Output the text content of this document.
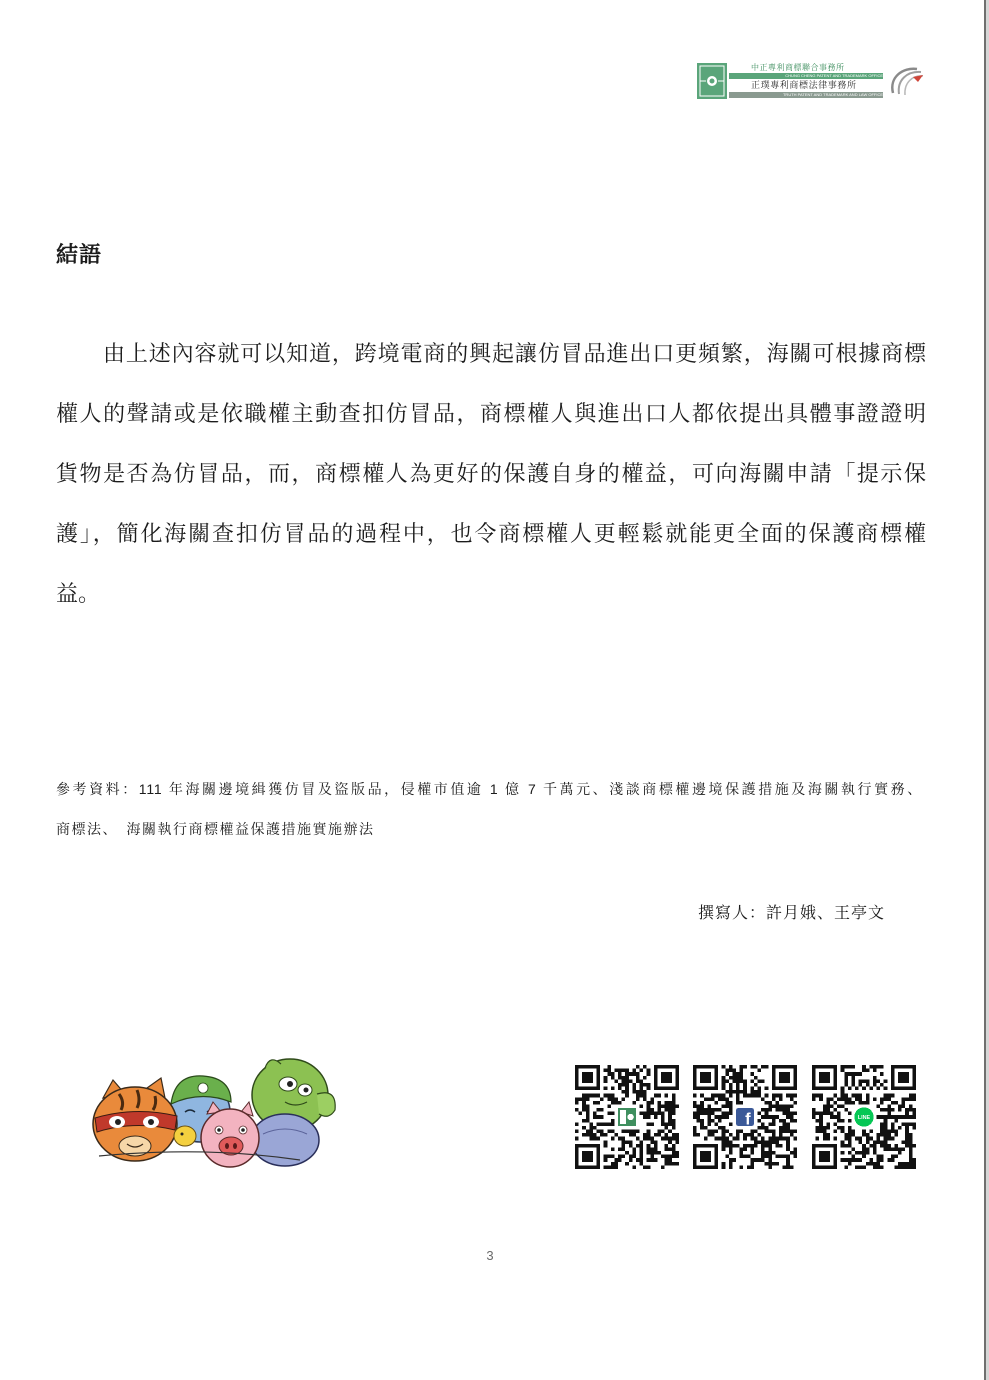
中正專利商標聯合事務所
CHUNG CHENG PATENT AND TRADEMARK OFFICE
正璞專利商標法律事務所
TRUTH PATENT AND TRADEMARK AND LAW OFFICE
結語
由上述內容就可以知道，跨境電商的興起讓仿冒品進出口更頻繁，海關可根據商標
權人的聲請或是依職權主動查扣仿冒品，商標權人與進出口人都依提出具體事證證明
貨物是否為仿冒品，而，商標權人為更好的保護自身的權益，可向海關申請「提示保
護」，簡化海關查扣仿冒品的過程中，也令商標權人更輕鬆就能更全面的保護商標權
益。
參考資料：111 年海關邊境緝獲仿冒及盜版品，侵權市值逾 1 億 7 千萬元、淺談商標權邊境保護措施及海關執行實務、
商標法、　海關執行商標權益保護措施實施辦法
撰寫人：許月娥、王亭文
f	LINE
3
